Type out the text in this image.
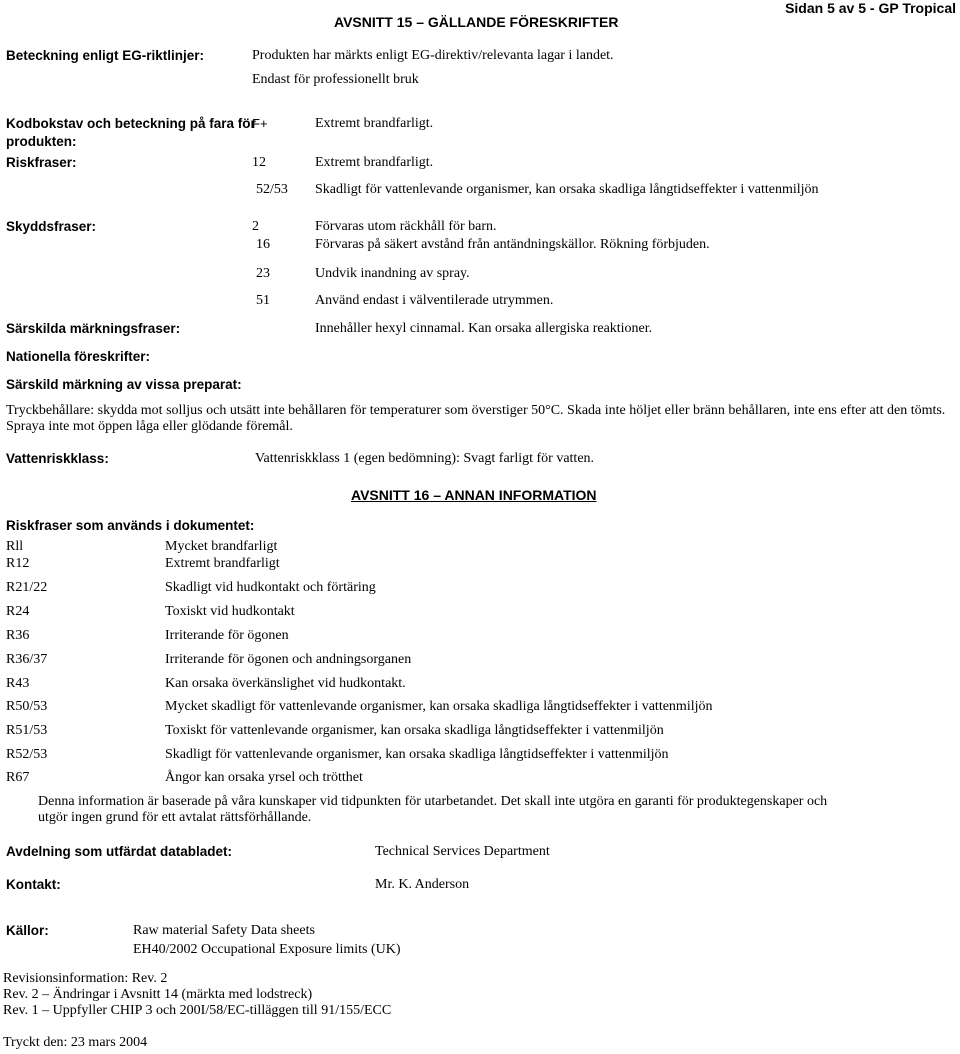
AVSNITT 15 – GÄLLANDE FÖRESKRIFTER
Sidan 5 av 5 - GP Tropical
Beteckning enligt EG-riktlinjer:	Produkten har märkts enligt EG-direktiv/relevanta lagar i landet.
Endast för professionellt bruk
Kodbokstav och beteckning på fara för
produkten:
F+	Extremt brandfarligt.
Riskfraser:	12	Extremt brandfarligt.
52/53 Skadligt för vattenlevande organismer, kan orsaka skadliga långtidseffekter i vattenmiljön
Skyddsfraser:	2	Förvaras utom räckhåll för barn.
16	Förvaras på säkert avstånd från antändningskällor. Rökning förbjuden.
23	Undvik inandning av spray.
51	Använd endast i välventilerade utrymmen.
Särskilda märkningsfraser:	Innehåller hexyl cinnamal. Kan orsaka allergiska reaktioner.
Nationella föreskrifter:
Särskild märkning av vissa preparat:
Tryckbehållare: skydda mot solljus och utsätt inte behållaren för temperaturer som överstiger 50°C. Skada inte höljet eller bränn behållaren, inte ens efter att den tömts. Spraya inte mot öppen låga eller glödande föremål.
Vattenriskklass:	Vattenriskklass 1 (egen bedömning): Svagt farligt för vatten.
AVSNITT 16 – ANNAN INFORMATION
Riskfraser som används i dokumentet:
Rll	Mycket brandfarligt
R12	Extremt brandfarligt
R21/22	Skadligt vid hudkontakt och förtäring
R24	Toxiskt vid hudkontakt
R36	Irriterande för ögonen
R36/37	Irriterande för ögonen och andningsorganen
R43	Kan orsaka överkänslighet vid hudkontakt.
R50/53	Mycket skadligt för vattenlevande organismer, kan orsaka skadliga långtidseffekter i vattenmiljön
R51/53	Toxiskt för vattenlevande organismer, kan orsaka skadliga långtidseffekter i vattenmiljön
R52/53	Skadligt för vattenlevande organismer, kan orsaka skadliga långtidseffekter i vattenmiljön
R67	Ångor kan orsaka yrsel och trötthet
Denna information är baserade på våra kunskaper vid tidpunkten för utarbetandet. Det skall inte utgöra en garanti för produktegenskaper och utgör ingen grund för ett avtalat rättsförhållande.
Avdelning som utfärdat databladet:	Technical Services Department
Kontakt:	Mr. K. Anderson
Källor:	Raw material Safety Data sheets
EH40/2002 Occupational Exposure limits (UK)
Revisionsinformation: Rev. 2
Rev. 2 – Ändringar i Avsnitt 14 (märkta med lodstreck)
Rev. 1 – Uppfyller CHIP 3 och 200I/58/EC-tilläggen till 91/155/ECC
Tryckt den: 23 mars 2004
